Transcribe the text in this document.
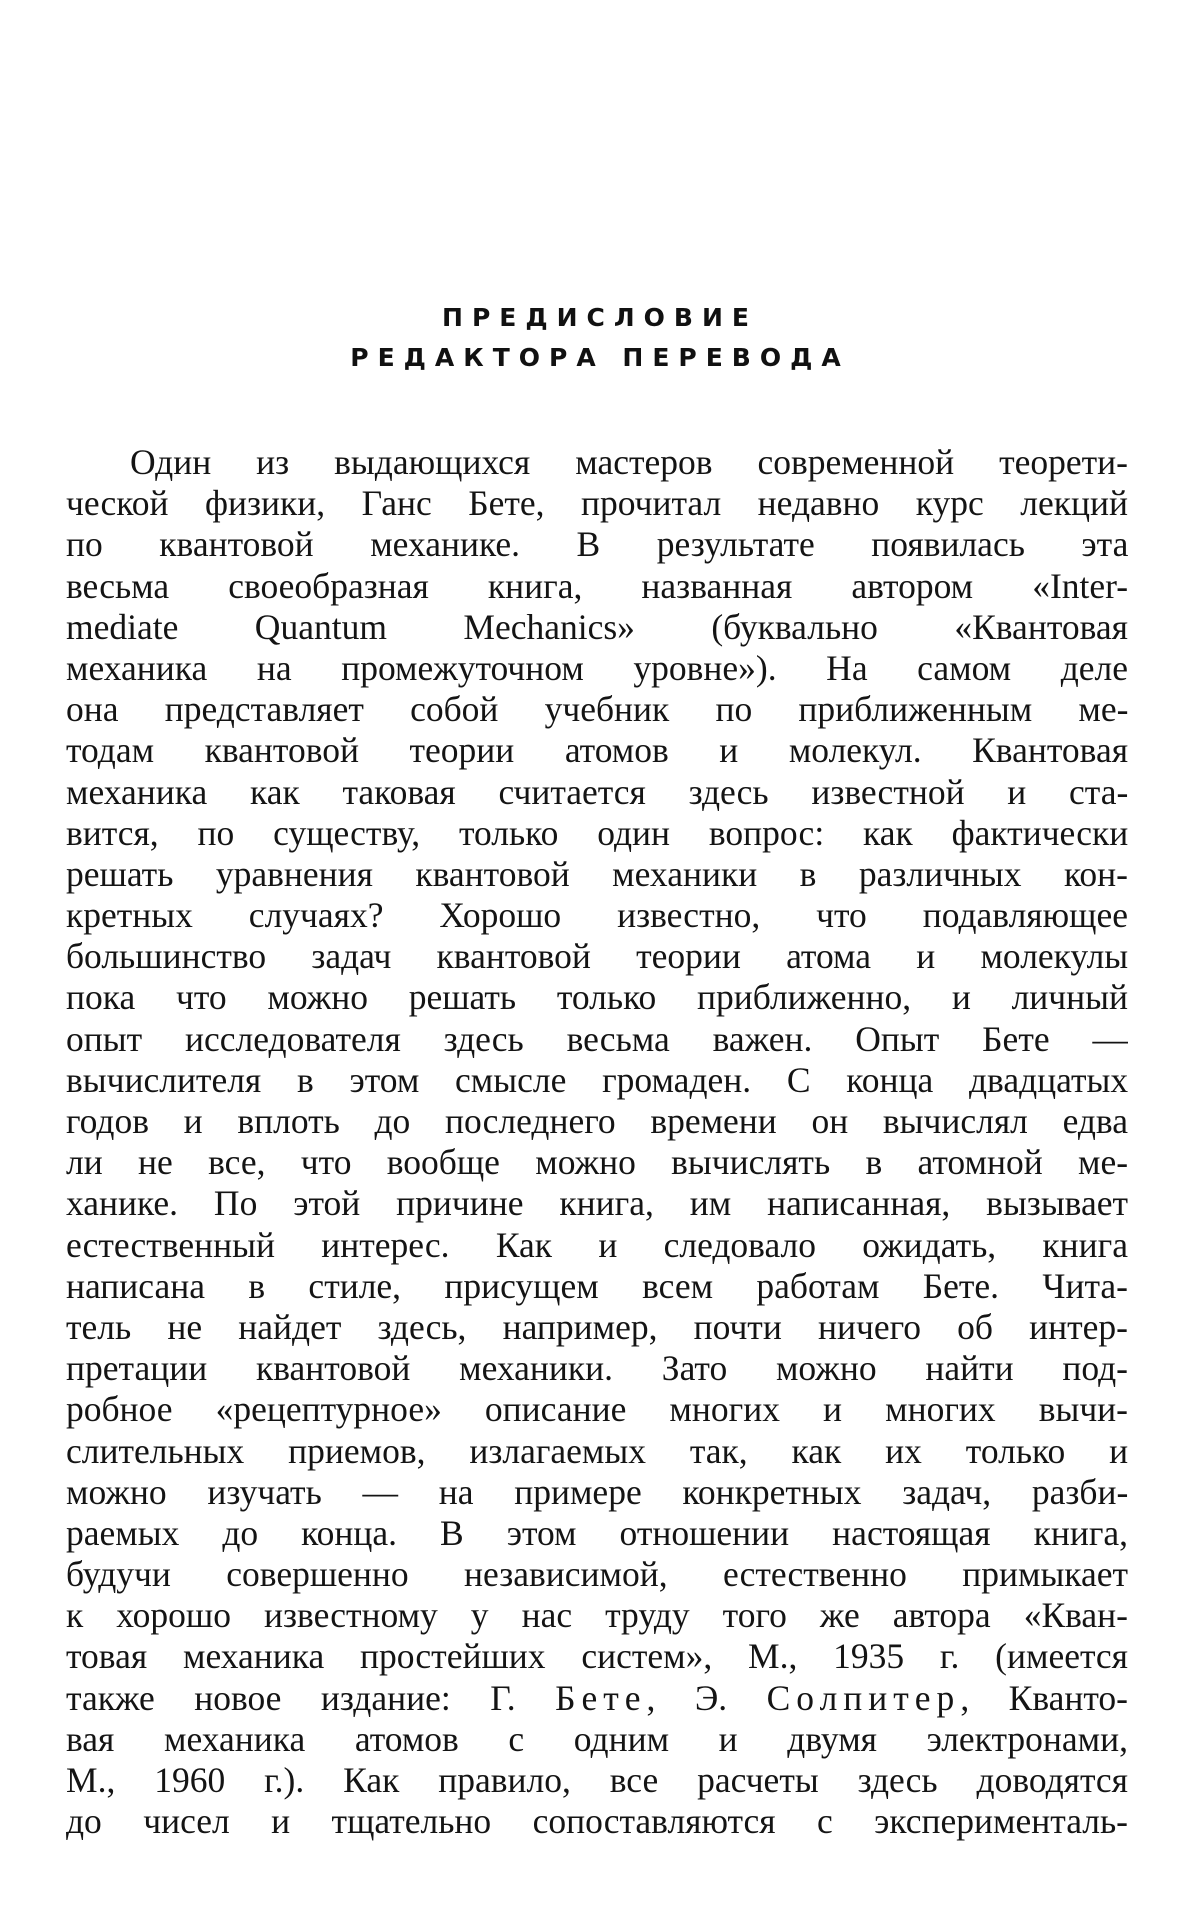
ПРЕДИСЛОВИЕ
РЕДАКТОРА ПЕРЕВОДА
Один из выдающихся мастеров современной теорети-
ческой физики, Ганс Бете, прочитал недавно курс лекций
по квантовой механике. В результате появилась эта
весьма своеобразная книга, названная автором «Inter-
mediate Quantum Mechanics» (буквально «Квантовая
механика на промежуточном уровне»). На самом деле
она представляет собой учебник по приближенным ме-
тодам квантовой теории атомов и молекул. Квантовая
механика как таковая считается здесь известной и ста-
вится, по существу, только один вопрос: как фактически
решать уравнения квантовой механики в различных кон-
кретных случаях? Хорошо известно, что подавляющее
большинство задач квантовой теории атома и молекулы
пока что можно решать только приближенно, и личный
опыт исследователя здесь весьма важен. Опыт Бете —
вычислителя в этом смысле громаден. С конца двадцатых
годов и вплоть до последнего времени он вычислял едва
ли не все, что вообще можно вычислять в атомной ме-
ханике. По этой причине книга, им написанная, вызывает
естественный интерес. Как и следовало ожидать, книга
написана в стиле, присущем всем работам Бете. Чита-
тель не найдет здесь, например, почти ничего об интер-
претации квантовой механики. Зато можно найти под-
робное «рецептурное» описание многих и многих вычи-
слительных приемов, излагаемых так, как их только и
можно изучать — на примере конкретных задач, разби-
раемых до конца. В этом отношении настоящая книга,
будучи совершенно независимой, естественно примыкает
к хорошо известному у нас труду того же автора «Кван-
товая механика простейших систем», М., 1935 г. (имеется
также новое издание: Г. Бете, Э. Солпитер, Кванто-
вая механика атомов с одним и двумя электронами,
М., 1960 г.). Как правило, все расчеты здесь доводятся
до чисел и тщательно сопоставляются с эксперименталь-
